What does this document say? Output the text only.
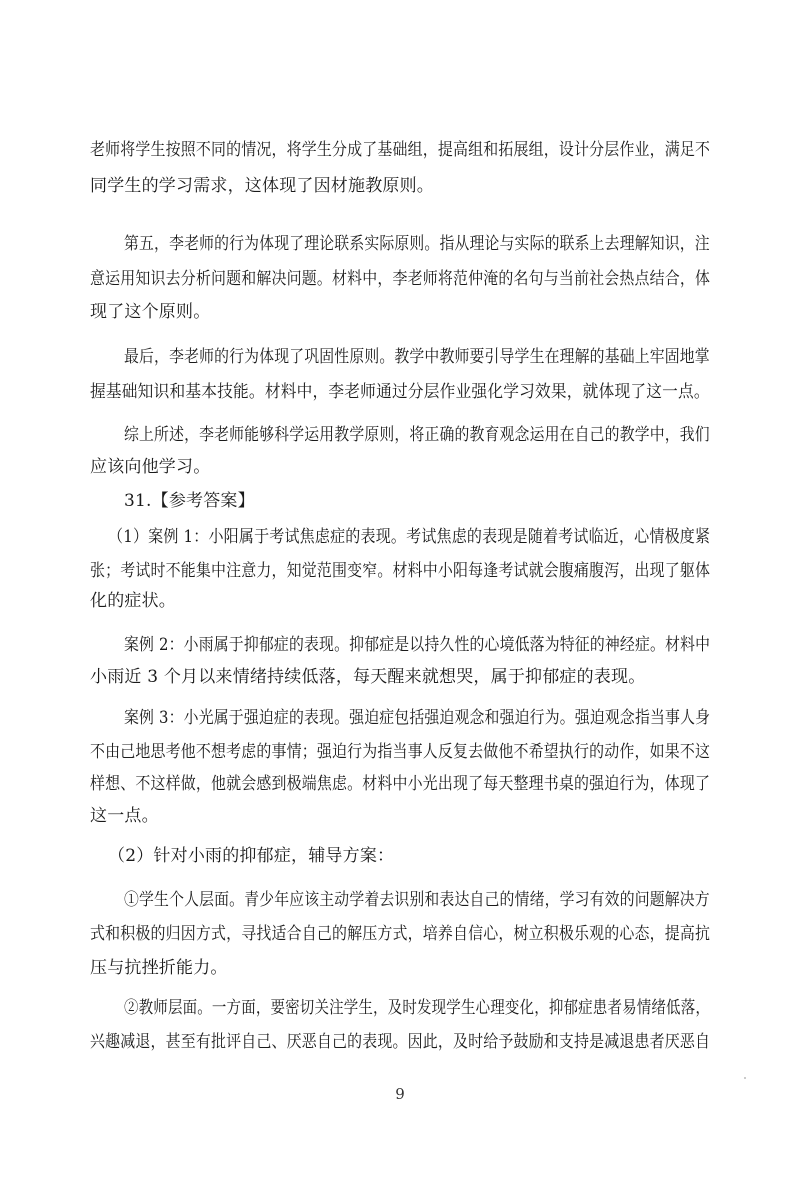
老师将学生按照不同的情况，将学生分成了基础组，提高组和拓展组，设计分层作业，满足不
同学生的学习需求，这体现了因材施教原则。
第五，李老师的行为体现了理论联系实际原则。指从理论与实际的联系上去理解知识，注
意运用知识去分析问题和解决问题。材料中，李老师将范仲淹的名句与当前社会热点结合，体
现了这个原则。
最后，李老师的行为体现了巩固性原则。教学中教师要引导学生在理解的基础上牢固地掌
握基础知识和基本技能。材料中，李老师通过分层作业强化学习效果，就体现了这一点。
综上所述，李老师能够科学运用教学原则，将正确的教育观念运用在自己的教学中，我们
应该向他学习。
31.【参考答案】
（1）案例 1：小阳属于考试焦虑症的表现。考试焦虑的表现是随着考试临近，心情极度紧
张；考试时不能集中注意力，知觉范围变窄。材料中小阳每逢考试就会腹痛腹泻，出现了躯体
化的症状。
案例 2：小雨属于抑郁症的表现。抑郁症是以持久性的心境低落为特征的神经症。材料中
小雨近 3 个月以来情绪持续低落，每天醒来就想哭，属于抑郁症的表现。
案例 3：小光属于强迫症的表现。强迫症包括强迫观念和强迫行为。强迫观念指当事人身
不由己地思考他不想考虑的事情；强迫行为指当事人反复去做他不希望执行的动作，如果不这
样想、不这样做，他就会感到极端焦虑。材料中小光出现了每天整理书桌的强迫行为，体现了
这一点。
（2）针对小雨的抑郁症，辅导方案：
①学生个人层面。青少年应该主动学着去识别和表达自己的情绪，学习有效的问题解决方
式和积极的归因方式，寻找适合自己的解压方式，培养自信心，树立积极乐观的心态，提高抗
压与抗挫折能力。
②教师层面。一方面，要密切关注学生，及时发现学生心理变化，抑郁症患者易情绪低落，
兴趣减退，甚至有批评自己、厌恶自己的表现。因此，及时给予鼓励和支持是减退患者厌恶自
9
